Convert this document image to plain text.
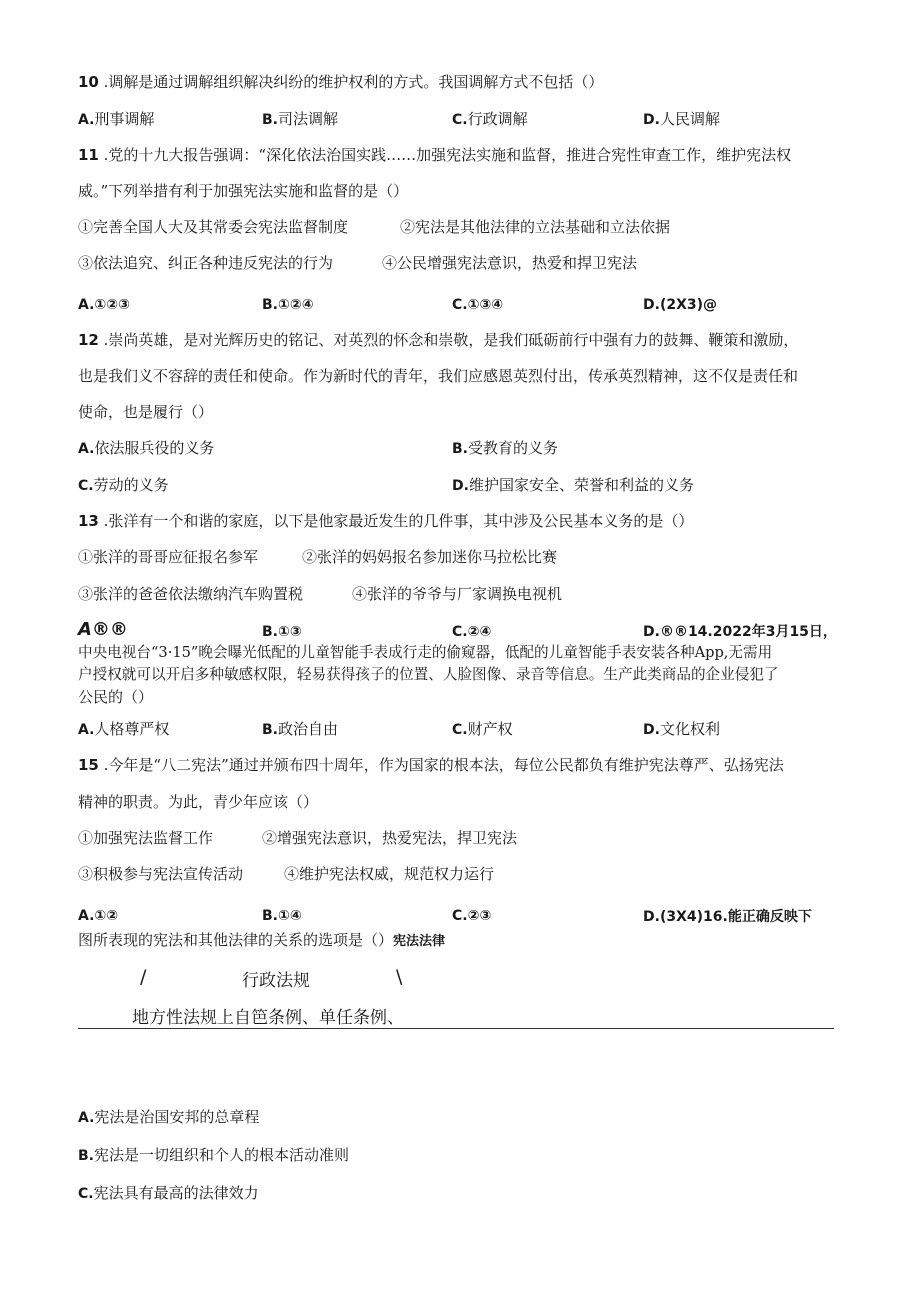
10 .调解是通过调解组织解决纠纷的维护权利的方式。我国调解方式不包括（）
A.刑事调解	B.司法调解	C.行政调解	D.人民调解
11 .党的十九大报告强调：“深化依法治国实践……加强宪法实施和监督，推进合宪性审查工作，维护宪法权
威。”下列举措有利于加强宪法实施和监督的是（）
①完善全国人大及其常委会宪法监督制度	②宪法是其他法律的立法基础和立法依据
③依法追究、纠正各种违反宪法的行为	④公民增强宪法意识，热爱和捍卫宪法
A.①②③	B.①②④	C.①③④	D.(2X3)@
12 .崇尚英雄，是对光辉历史的铭记、对英烈的怀念和崇敬，是我们砥砺前行中强有力的鼓舞、鞭策和激励，
也是我们义不容辞的责任和使命。作为新时代的青年，我们应感恩英烈付出，传承英烈精神，这不仅是责任和
使命，也是履行（）
A.依法服兵役的义务	B.受教育的义务
C.劳动的义务	D.维护国家安全、荣誉和利益的义务
13 .张洋有一个和谐的家庭，以下是他家最近发生的几件事，其中涉及公民基本义务的是（）
①张洋的哥哥应征报名参军	②张洋的妈妈报名参加迷你马拉松比赛
③张洋的爸爸依法缴纳汽车购置税	④张洋的爷爷与厂家调换电视机
A®®	B.①③	C.②④	D.®®14.2022年3月15日，
中央电视台“3·15”晚会曝光低配的儿童智能手表成行走的偷窥器，低配的儿童智能手表安装各种App,无需用
户授权就可以开启多种敏感权限，轻易获得孩子的位置、人脸图像、录音等信息。生产此类商品的企业侵犯了
公民的（）
A.人格尊严权	B.政治自由	C.财产权	D.文化权利
15 .今年是“八二宪法”通过并颁布四十周年，作为国家的根本法，每位公民都负有维护宪法尊严、弘扬宪法
精神的职责。为此，青少年应该（）
①加强宪法监督工作	②增强宪法意识，热爱宪法，捍卫宪法
③积极参与宪法宣传活动	④维护宪法权威，规范权力运行
A.①②	B.①④	C.②③	D.(3X4)16.能正确反映下
图所表现的宪法和其他法律的关系的选项是（）宪法法律
/	行政法规	\
地方性法规上自笆条例、单任条例、
A.宪法是治国安邦的总章程
B.宪法是一切组织和个人的根本活动准则
C.宪法具有最高的法律效力
